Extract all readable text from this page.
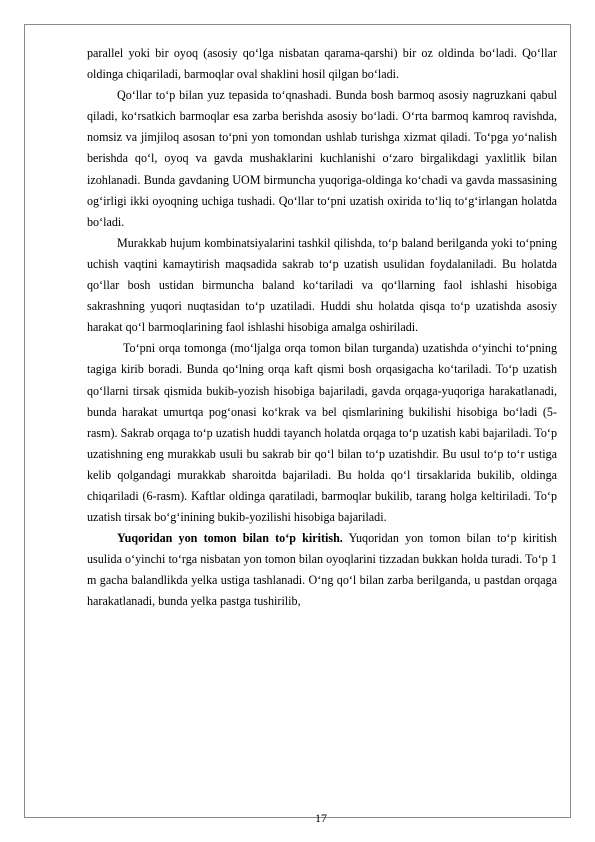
parallel yoki bir oyoq (asosiy qo‘lga nisbatan qarama-qarshi) bir oz oldinda bo‘ladi. Qo‘llar oldinga chiqariladi, barmoqlar oval shaklini hosil qilgan bo‘ladi.

Qo‘llar to‘p bilan yuz tepasida to‘qnashadi. Bunda bosh barmoq asosiy nagruzkani qabul qiladi, ko‘rsatkich barmoqlar esa zarba berishda asosiy bo‘ladi. O‘rta barmoq kamroq ravishda, nomsiz va jimjiloq asosan to‘pni yon tomondan ushlab turishga xizmat qiladi. To‘pga yo‘nalish berishda qo‘l, oyoq va gavda mushaklarini kuchlanishi o‘zaro birgalikdagi yaxlitlik bilan izohlanadi. Bunda gavdaning UOM birmuncha yuqoriga-oldinga ko‘chadi va gavda massasining og‘irligi ikki oyoqning uchiga tushadi. Qo‘llar to‘pni uzatish oxirida to‘liq to‘g‘irlangan holatda bo‘ladi.

Murakkab hujum kombinatsiyalarini tashkil qilishda, to‘p baland berilganda yoki to‘pning uchish vaqtini kamaytirish maqsadida sakrab to‘p uzatish usulidan foydalaniladi. Bu holatda qo‘llar bosh ustidan birmuncha baland ko‘tariladi va qo‘llarning faol ishlashi hisobiga sakrashning yuqori nuqtasidan to‘p uzatiladi. Huddi shu holatda qisqa to‘p uzatishda asosiy harakat qo‘l barmoqlarining faol ishlashi hisobiga amalga oshiriladi.

To‘pni orqa tomonga (mo‘ljalga orqa tomon bilan turganda) uzatishda o‘yinchi to‘pning tagiga kirib boradi. Bunda qo‘lning orqa kaft qismi bosh orqasigacha ko‘tariladi. To‘p uzatish qo‘llarni tirsak qismida bukib-yozish hisobiga bajariladi, gavda orqaga-yuqoriga harakatlanadi, bunda harakat umurtqa pog‘onasi ko‘krak va bel qismlarining bukilishi hisobiga bo‘ladi (5-rasm). Sakrab orqaga to‘p uzatish huddi tayanch holatda orqaga to‘p uzatish kabi bajariladi. To‘p uzatishning eng murakkab usuli bu sakrab bir qo‘l bilan to‘p uzatishdir. Bu usul to‘p to‘r ustiga kelib qolgandagi murakkab sharoitda bajariladi. Bu holda qo‘l tirsaklarida bukilib, oldinga chiqariladi (6-rasm). Kaftlar oldinga qaratiladi, barmoqlar bukilib, tarang holga keltiriladi. To‘p uzatish tirsak bo‘g‘inining bukib-yozilishi hisobiga bajariladi.

Yuqoridan yon tomon bilan to‘p kiritish. Yuqoridan yon tomon bilan to‘p kiritish usulida o‘yinchi to‘rga nisbatan yon tomon bilan oyoqlarini tizzadan bukkan holda turadi. To‘p 1 m gacha balandlikda yelka ustiga tashlanadi. O‘ng qo‘l bilan zarba berilganda, u pastdan orqaga harakatlanadi, bunda yelka pastga tushirilib,

17
